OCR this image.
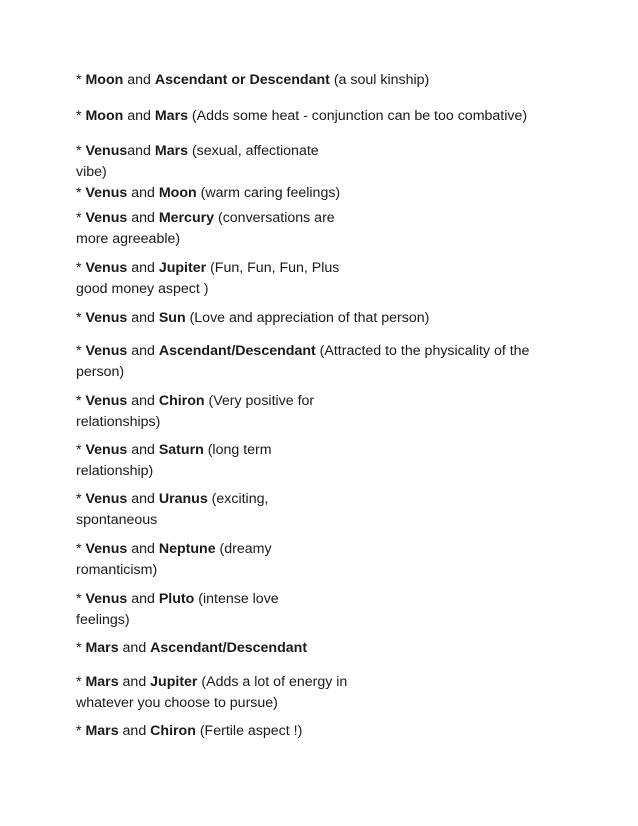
* Moon and Ascendant or Descendant (a soul kinship)
* Moon and Mars (Adds some heat - conjunction can be too combative)
* Venusand Mars (sexual, affectionate
vibe)
* Venus and Moon (warm caring feelings)
* Venus and Mercury (conversations are
more agreeable)
* Venus and Jupiter (Fun, Fun, Fun, Plus
good money aspect )
* Venus and Sun (Love and appreciation of that person)
* Venus and Ascendant/Descendant (Attracted to the physicality of the
person)
* Venus and Chiron (Very positive for
relationships)
* Venus and Saturn (long term
relationship)
* Venus and Uranus (exciting,
spontaneous
* Venus and Neptune (dreamy
romanticism)
* Venus and Pluto (intense love
feelings)
* Mars and Ascendant/Descendant
* Mars and Jupiter (Adds a lot of energy in
whatever you choose to pursue)
* Mars and Chiron (Fertile aspect !)
